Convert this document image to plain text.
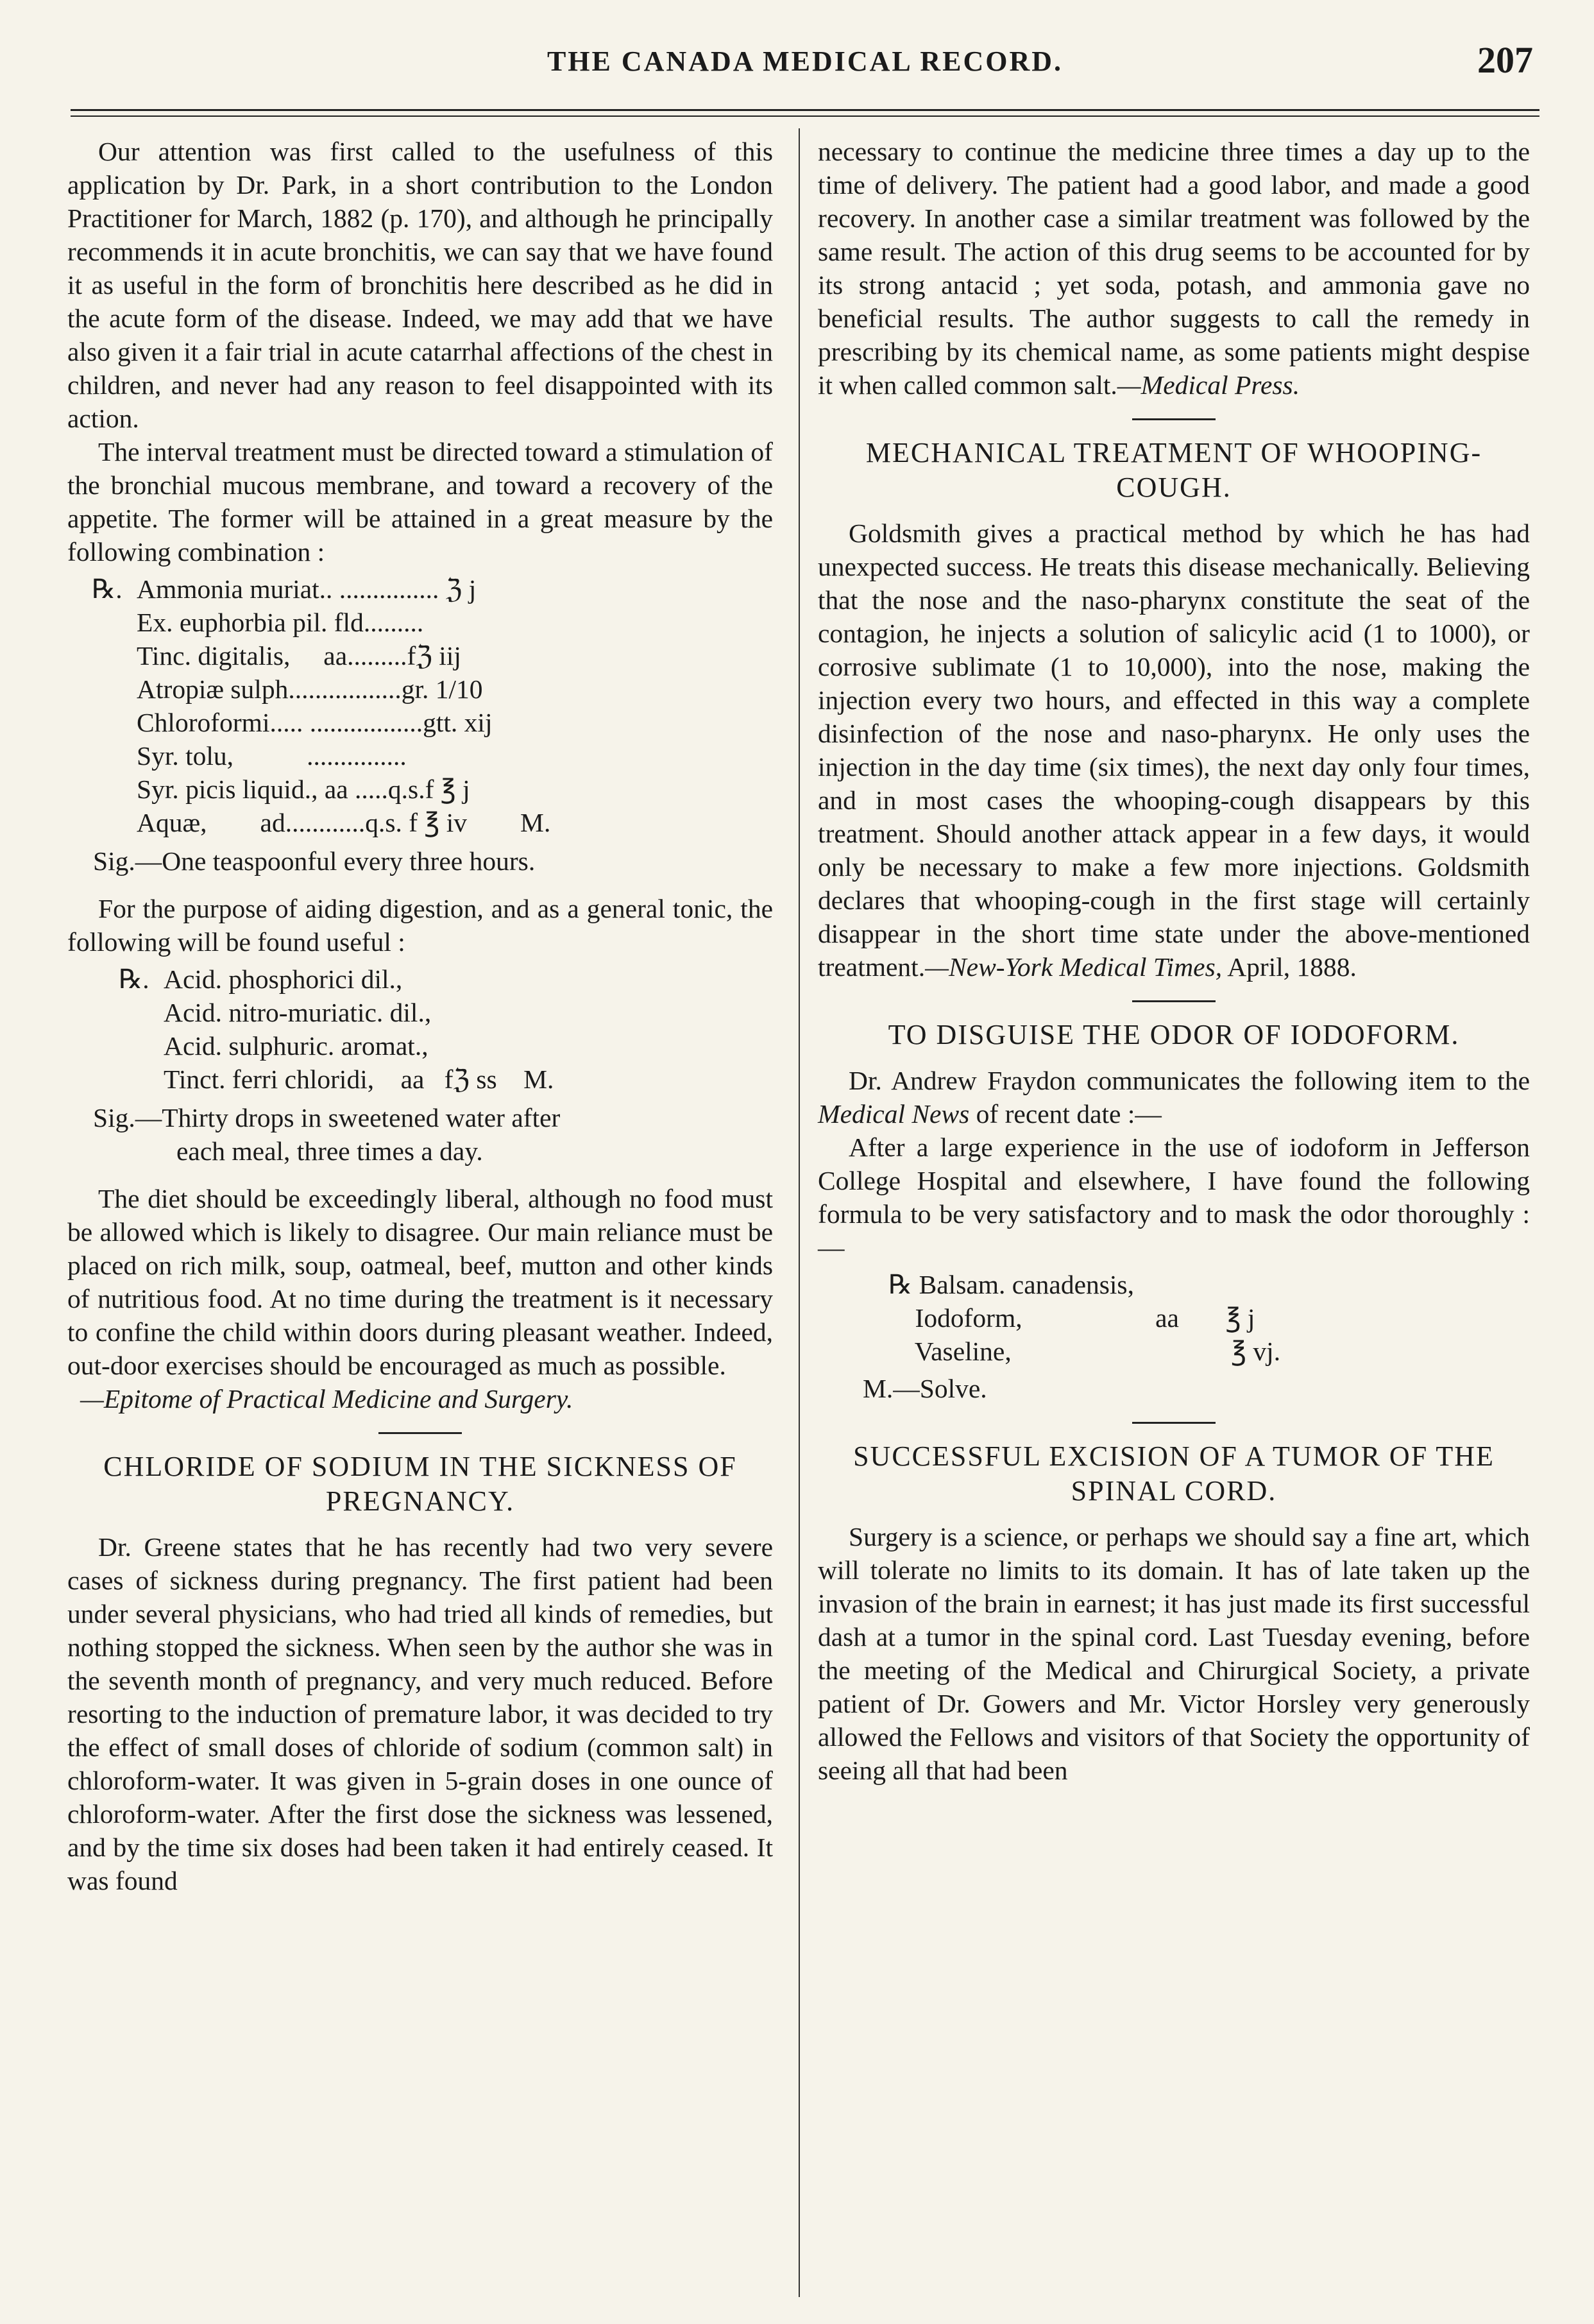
THE CANADA MEDICAL RECORD.	207

Our attention was first called to the usefulness of this application by Dr. Park, in a short contribution to the London Practitioner for March, 1882 (p. 170), and although he principally recommends it in acute bronchitis, we can say that we have found it as useful in the form of bronchitis here described as he did in the acute form of the disease. Indeed, we may add that we have also given it a fair trial in acute catarrhal affections of the chest in children, and never had any reason to feel disappointed with its action.

The interval treatment must be directed toward a stimulation of the bronchial mucous membrane, and toward a recovery of the appetite. The former will be attained in a great measure by the following combination :

℞. Ammonia muriat.. ............... ℨ j
Ex. euphorbia pil. fld.........
Tinc. digitalis,     aa.........fℨ iij
Atropiæ sulph.................gr. 1/10
Chloroformi..... .................gtt. xij
Syr. tolu,           ...............
Syr. picis liquid., aa .....q.s.f ℥ j
Aquæ,        ad............q.s. f ℥ iv        M.

Sig.—One teaspoonful every three hours.

For the purpose of aiding digestion, and as a general tonic, the following will be found useful :

℞. Acid. phosphorici dil.,
Acid. nitro-muriatic. dil.,
Acid. sulphuric. aromat.,
Tinct. ferri chloridi,    aa   fℨ ss    M.

Sig.—Thirty drops in sweetened water after

each meal, three times a day.

The diet should be exceedingly liberal, although no food must be allowed which is likely to disagree. Our main reliance must be placed on rich milk, soup, oatmeal, beef, mutton and other kinds of nutritious food. At no time during the treatment is it necessary to confine the child within doors during pleasant weather. Indeed, out-door exercises should be encouraged as much as possible.

—Epitome of Practical Medicine and Surgery.

CHLORIDE OF SODIUM IN THE SICKNESS OF PREGNANCY.

Dr. Greene states that he has recently had two very severe cases of sickness during pregnancy. The first patient had been under several physicians, who had tried all kinds of remedies, but nothing stopped the sickness. When seen by the author she was in the seventh month of pregnancy, and very much reduced. Before resorting to the induction of premature labor, it was decided to try the effect of small doses of chloride of sodium (common salt) in chloroform-water. It was given in 5-grain doses in one ounce of chloroform-water. After the first dose the sickness was lessened, and by the time six doses had been taken it had entirely ceased. It was found

necessary to continue the medicine three times a day up to the time of delivery. The patient had a good labor, and made a good recovery. In another case a similar treatment was followed by the same result. The action of this drug seems to be accounted for by its strong antacid ; yet soda, potash, and ammonia gave no beneficial results. The author suggests to call the remedy in prescribing by its chemical name, as some patients might despise it when called common salt.—Medical Press.

MECHANICAL TREATMENT OF WHOOPING-COUGH.

Goldsmith gives a practical method by which he has had unexpected success. He treats this disease mechanically. Believing that the nose and the naso-pharynx constitute the seat of the contagion, he injects a solution of salicylic acid (1 to 1000), or corrosive sublimate (1 to 10,000), into the nose, making the injection every two hours, and effected in this way a complete disinfection of the nose and naso-pharynx. He only uses the injection in the day time (six times), the next day only four times, and in most cases the whooping-cough disappears by this treatment. Should another attack appear in a few days, it would only be necessary to make a few more injections. Goldsmith declares that whooping-cough in the first stage will certainly disappear in the short time state under the above-mentioned treatment.—New-York Medical Times, April, 1888.

TO DISGUISE THE ODOR OF IODOFORM.

Dr. Andrew Fraydon communicates the following item to the Medical News of recent date :—

After a large experience in the use of iodoform in Jefferson College Hospital and elsewhere, I have found the following formula to be very satisfactory and to mask the odor thoroughly :—

℞ Balsam. canadensis,
Iodoform,                    aa       ℥ j
Vaseline,                                 ℥ vj.

M.—Solve.

SUCCESSFUL EXCISION OF A TUMOR OF THE SPINAL CORD.

Surgery is a science, or perhaps we should say a fine art, which will tolerate no limits to its domain. It has of late taken up the invasion of the brain in earnest; it has just made its first successful dash at a tumor in the spinal cord. Last Tuesday evening, before the meeting of the Medical and Chirurgical Society, a private patient of Dr. Gowers and Mr. Victor Horsley very generously allowed the Fellows and visitors of that Society the opportunity of seeing all that had been
